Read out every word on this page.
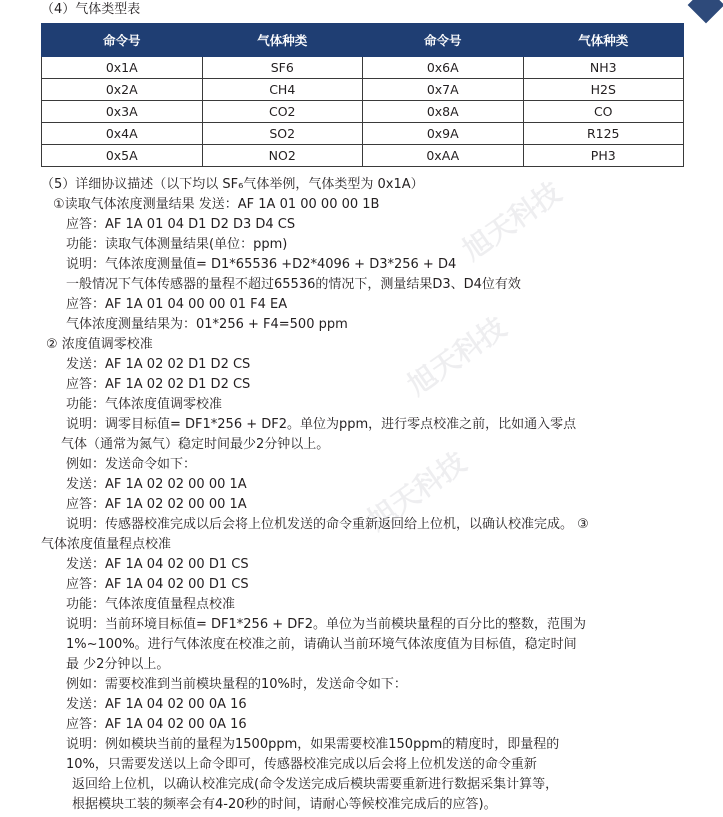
（4）气体类型表
命令号	气体种类	命令号	气体种类
0x1A	SF6	0x6A	NH3
0x2A	CH4	0x7A	H2S
0x3A	CO2	0x8A	CO
0x4A	SO2	0x9A	R125
0x5A	NO2	0xAA	PH3
旭天科技
旭天科技
旭天科技
（5）详细协议描述（以下均以 SF₆气体举例，气体类型为 0x1A）
①读取气体浓度测量结果 发送：AF 1A 01 00 00 00 1B
应答：AF 1A 01 04 D1 D2 D3 D4 CS
功能：读取气体测量结果(单位：ppm)
说明：气体浓度测量值= D1*65536 +D2*4096 + D3*256 + D4
一般情况下气体传感器的量程不超过65536的情况下，测量结果D3、D4位有效
应答：AF 1A 01 04 00 00 01 F4 EA
气体浓度测量结果为：01*256 + F4=500 ppm
② 浓度值调零校准
发送：AF 1A 02 02 D1 D2 CS
应答：AF 1A 02 02 D1 D2 CS
功能：气体浓度值调零校准
说明：调零目标值= DF1*256 + DF2。单位为ppm，进行零点校准之前，比如通入零点
气体（通常为氮气）稳定时间最少2分钟以上。
例如：发送命令如下：
发送：AF 1A 02 02 00 00 1A
应答：AF 1A 02 02 00 00 1A
说明：传感器校准完成以后会将上位机发送的命令重新返回给上位机，以确认校准完成。 ③
气体浓度值量程点校准
发送：AF 1A 04 02 00 D1 CS
应答：AF 1A 04 02 00 D1 CS
功能：气体浓度值量程点校准
说明：当前环境目标值= DF1*256 + DF2。单位为当前模块量程的百分比的整数，范围为
1%~100%。进行气体浓度在校准之前，请确认当前环境气体浓度值为目标值，稳定时间
最 少2分钟以上。
例如：需要校准到当前模块量程的10%时，发送命令如下：
发送：AF 1A 04 02 00 0A 16
应答：AF 1A 04 02 00 0A 16
说明：例如模块当前的量程为1500ppm，如果需要校准150ppm的精度时，即量程的
10%，只需要发送以上命令即可，传感器校准完成以后会将上位机发送的命令重新
返回给上位机，以确认校准完成(命令发送完成后模块需要重新进行数据采集计算等，
根据模块工装的频率会有4-20秒的时间，请耐心等候校准完成后的应答)。
